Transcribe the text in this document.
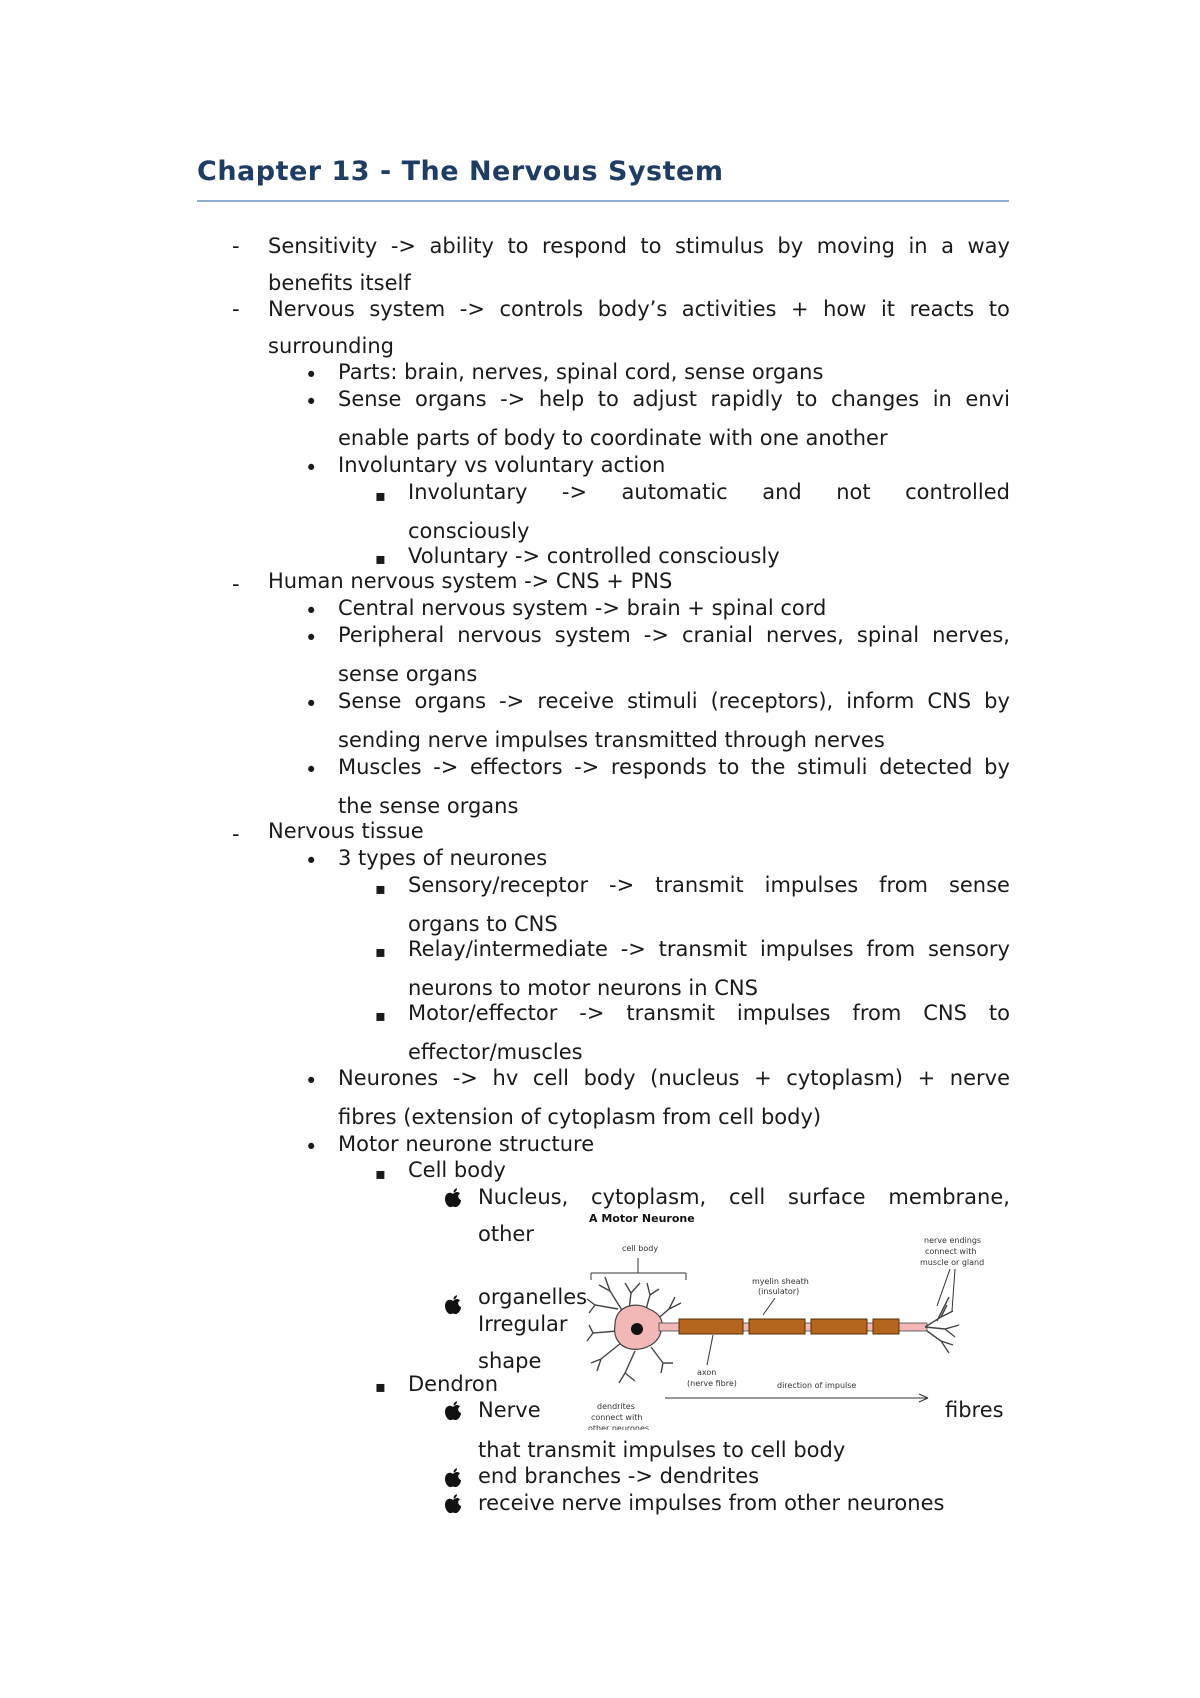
Chapter 13 - The Nervous System
-
-
-
-
•
•
•
•
•
•
•
•
•
•
▪
▪
▪
▪
▪
▪
▪
Sensitivity -> ability to respond to stimulus by moving in a way
benefits itself
Nervous system -> controls body’s activities + how it reacts to
surrounding
Parts: brain, nerves, spinal cord, sense organs
Sense organs -> help to adjust rapidly to changes in envi
enable parts of body to coordinate with one another
Involuntary vs voluntary action
Involuntary -> automatic and not controlled
consciously
Voluntary -> controlled consciously
Human nervous system -> CNS + PNS
Central nervous system -> brain + spinal cord
Peripheral nervous system -> cranial nerves, spinal nerves,
sense organs
Sense organs -> receive stimuli (receptors), inform CNS by
sending nerve impulses transmitted through nerves
Muscles -> effectors -> responds to the stimuli detected by
the sense organs
Nervous tissue
3 types of neurones
Sensory/receptor -> transmit impulses from sense
organs to CNS
Relay/intermediate -> transmit impulses from sensory
neurons to motor neurons in CNS
Motor/effector -> transmit impulses from CNS to
effector/muscles
Neurones -> hv cell body (nucleus + cytoplasm) + nerve
fibres (extension of cytoplasm from cell body)
Motor neurone structure
Cell body
Nucleus, cytoplasm, cell surface membrane,
other
organelles
Irregular
shape
Dendron
Nerve	fibres
that transmit impulses to cell body
end branches -> dendrites
receive nerve impulses from other neurones
A Motor Neurone
cell body
myelin sheath
(insulator)
nerve endings
connect with
muscle or gland
axon
(nerve fibre)	direction of impulse
dendrites
connect with
other neurones
